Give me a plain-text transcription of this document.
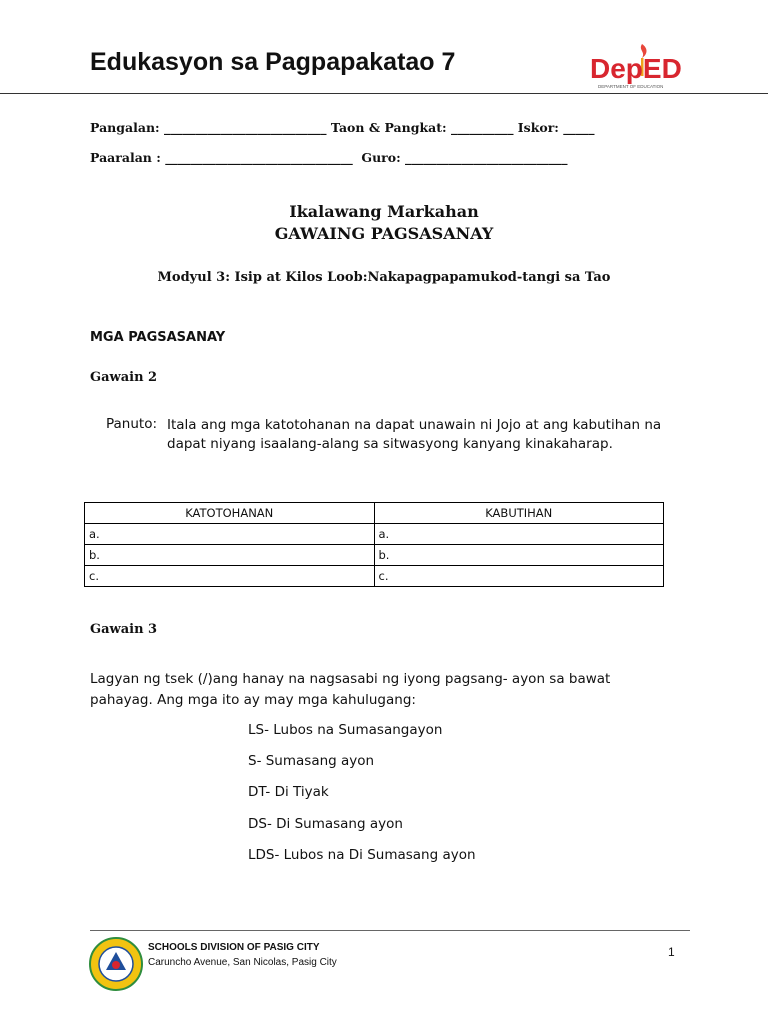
Edukasyon sa Pagpapakatao 7	DepED
DEPARTMENT OF EDUCATION
Pangalan: __________________________ Taon & Pangkat: __________ Iskor: _____
Paaralan : ______________________________  Guro: __________________________
Ikalawang Markahan
GAWAING PAGSASANAY
Modyul 3: Isip at Kilos Loob:Nakapagpapamukod-tangi sa Tao
MGA PAGSASANAY
Gawain 2
Panuto: Itala ang mga katotohanan na dapat unawain ni Jojo at ang kabutihan na dapat niyang isaalang-alang sa sitwasyong kanyang kinakaharap.
KATOTOHANAN	KABUTIHAN
a.	a.
b.	b.
c.	c.
Gawain 3
Lagyan ng tsek (/)ang hanay na nagsasabi ng iyong pagsang- ayon sa bawat pahayag. Ang mga ito ay may mga kahulugang:
LS- Lubos na Sumasangayon
S- Sumasang ayon
DT- Di Tiyak
DS- Di Sumasang ayon
LDS- Lubos na Di Sumasang ayon
SCHOOLS DIVISION OF PASIG CITY
Caruncho Avenue, San Nicolas, Pasig City
1
